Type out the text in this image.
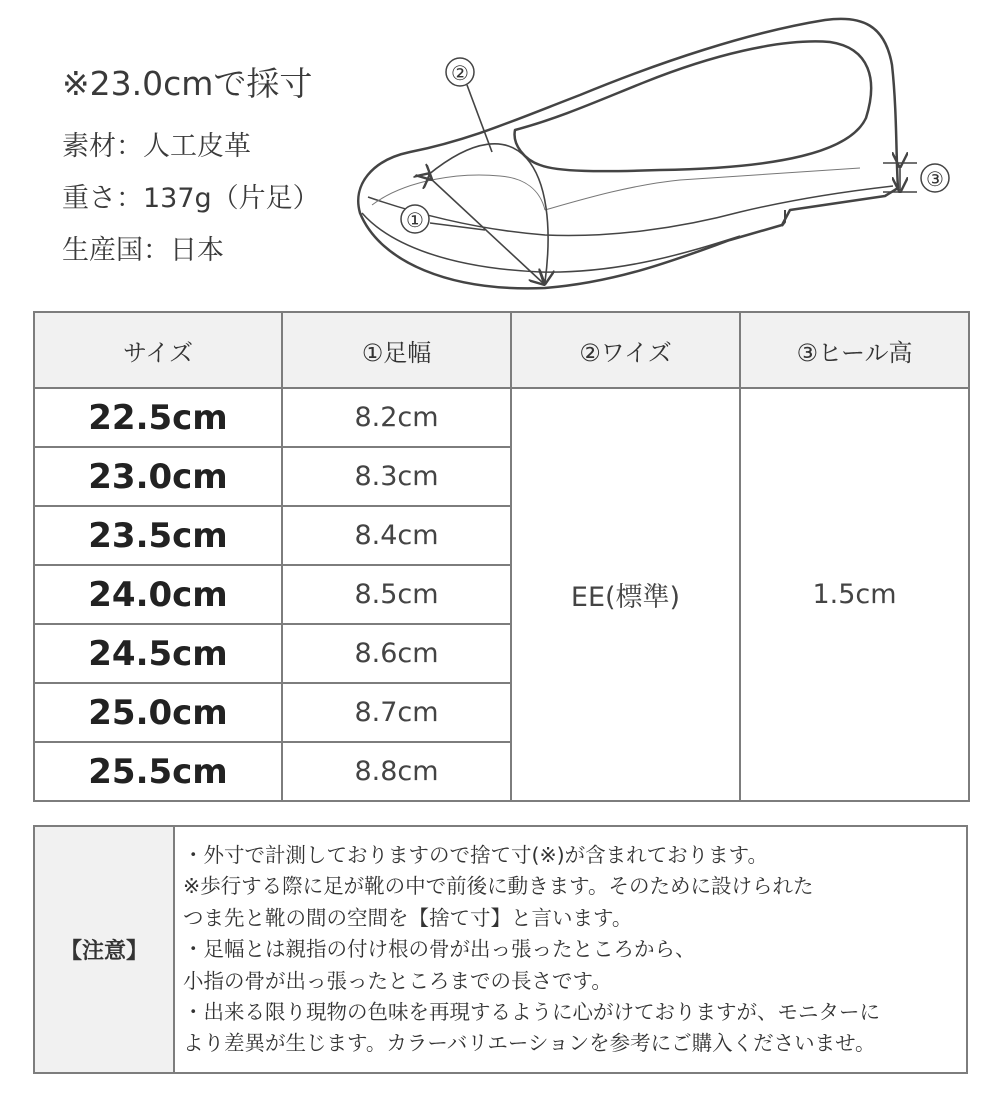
※23.0cmで採寸
素材：人工皮革
重さ：137g（片足）
生産国：日本
②
①
③
サイズ	①足幅	②ワイズ	③ヒール高
22.5cm	8.2cm	EE(標準)	1.5cm
23.0cm	8.3cm		
23.5cm	8.4cm		
24.0cm	8.5cm		
24.5cm	8.6cm		
25.0cm	8.7cm		
25.5cm	8.8cm		
【注意】	
・外寸で計測しておりますので捨て寸(※)が含まれております。
※歩行する際に足が靴の中で前後に動きます。そのために設けられた
つま先と靴の間の空間を【捨て寸】と言います。
・足幅とは親指の付け根の骨が出っ張ったところから、
小指の骨が出っ張ったところまでの長さです。
・出来る限り現物の色味を再現するように心がけておりますが、モニターに
より差異が生じます。カラーバリエーションを参考にご購入くださいませ。
